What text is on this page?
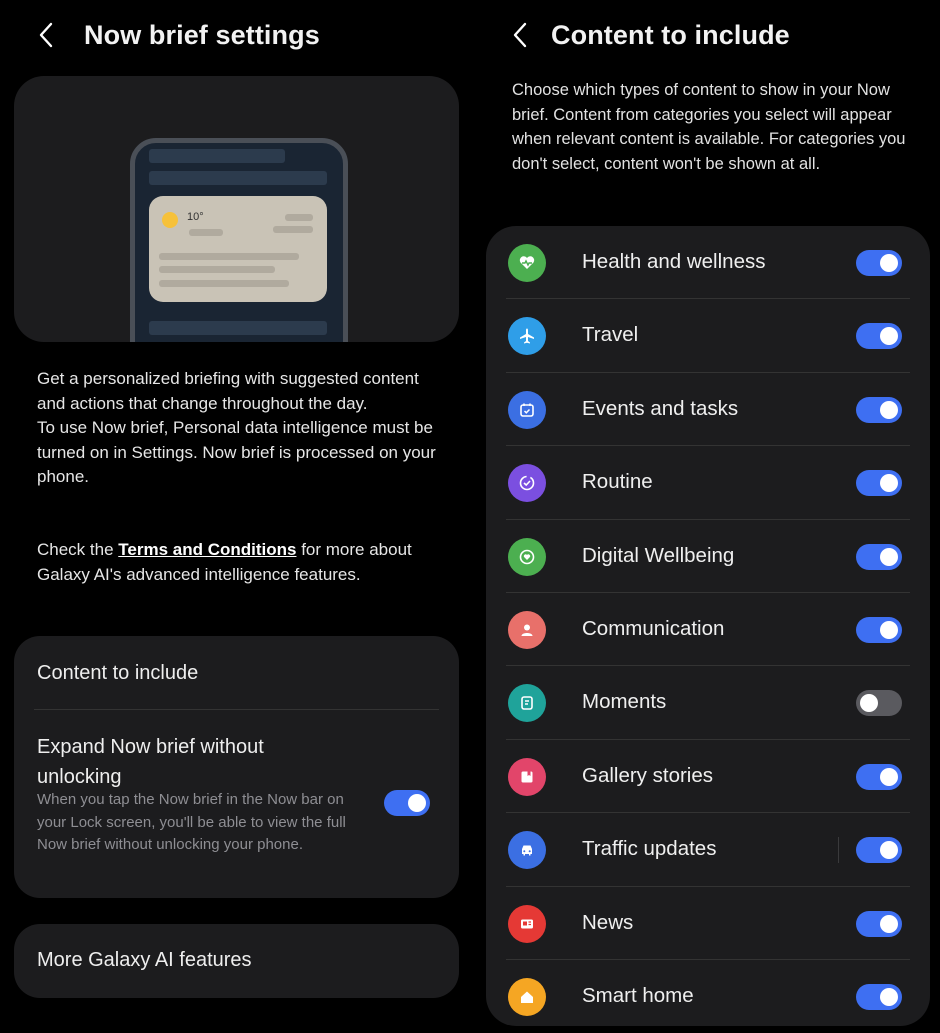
Now brief settings
10°

Get a personalized briefing with suggested content and actions that change throughout the day.
To use Now brief, Personal data intelligence must be turned on in Settings. Now brief is processed on your phone.

Check the Terms and Conditions for more about Galaxy AI's advanced intelligence features.

Content to include
Expand Now brief without unlocking
When you tap the Now brief in the Now bar on your Lock screen, you'll be able to view the full Now brief without unlocking your phone.
More Galaxy AI features
Content to include

Choose which types of content to show in your Now brief. Content from categories you select will appear when relevant content is available. For categories you don't select, content won't be shown at all.

Health and wellness
Travel
Events and tasks
Routine
Digital Wellbeing
Communication
Moments
Gallery stories
Traffic updates
News
Smart home
